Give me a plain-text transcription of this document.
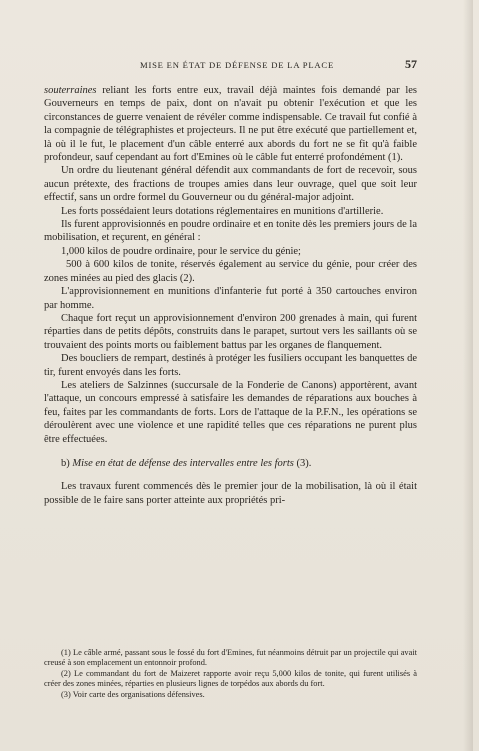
MISE EN ÉTAT DE DÉFENSE DE LA PLACE	57

souterraines reliant les forts entre eux, travail déjà maintes fois demandé par les Gouverneurs en temps de paix, dont on n'avait pu obtenir l'exécution et que les circonstances de guerre venaient de révéler comme indispensable. Ce travail fut confié à la compagnie de télégraphistes et projecteurs. Il ne put être exécuté que partiellement et, là où il le fut, le placement d'un câble enterré aux abords du fort ne se fit qu'à faible profondeur, sauf cependant au fort d'Emines où le câble fut enterré profondément (1).

Un ordre du lieutenant général défendit aux commandants de fort de recevoir, sous aucun prétexte, des fractions de troupes amies dans leur ouvrage, quel que soit leur effectif, sans un ordre formel du Gouverneur ou du général-major adjoint.

Les forts possédaient leurs dotations réglementaires en munitions d'artillerie.

Ils furent approvisionnés en poudre ordinaire et en tonite dès les premiers jours de la mobilisation, et reçurent, en général :

1,000 kilos de poudre ordinaire, pour le service du génie;

500 à 600 kilos de tonite, réservés également au service du génie, pour créer des zones minées au pied des glacis (2).

L'approvisionnement en munitions d'infanterie fut porté à 350 cartouches environ par homme.

Chaque fort reçut un approvisionnement d'environ 200 grenades à main, qui furent réparties dans de petits dépôts, construits dans le parapet, surtout vers les saillants où se trouvaient des points morts ou faiblement battus par les organes de flanquement.

Des boucliers de rempart, destinés à protéger les fusiliers occupant les banquettes de tir, furent envoyés dans les forts.

Les ateliers de Salzinnes (succursale de la Fonderie de Canons) apportèrent, avant l'attaque, un concours empressé à satisfaire les demandes de réparations aux bouches à feu, faites par les commandants de forts. Lors de l'attaque de la P.F.N., les opérations se déroulèrent avec une violence et une rapidité telles que ces réparations ne purent plus être effectuées.

b) Mise en état de défense des intervalles entre les forts (3).

Les travaux furent commencés dès le premier jour de la mobilisation, là où il était possible de le faire sans porter atteinte aux propriétés pri-

(1) Le câble armé, passant sous le fossé du fort d'Emines, fut néanmoins détruit par un projectile qui avait creusé à son emplacement un entonnoir profond.

(2) Le commandant du fort de Maizeret rapporte avoir reçu 5,000 kilos de tonite, qui furent utilisés à créer des zones minées, réparties en plusieurs lignes de torpédos aux abords du fort.

(3) Voir carte des organisations défensives.
